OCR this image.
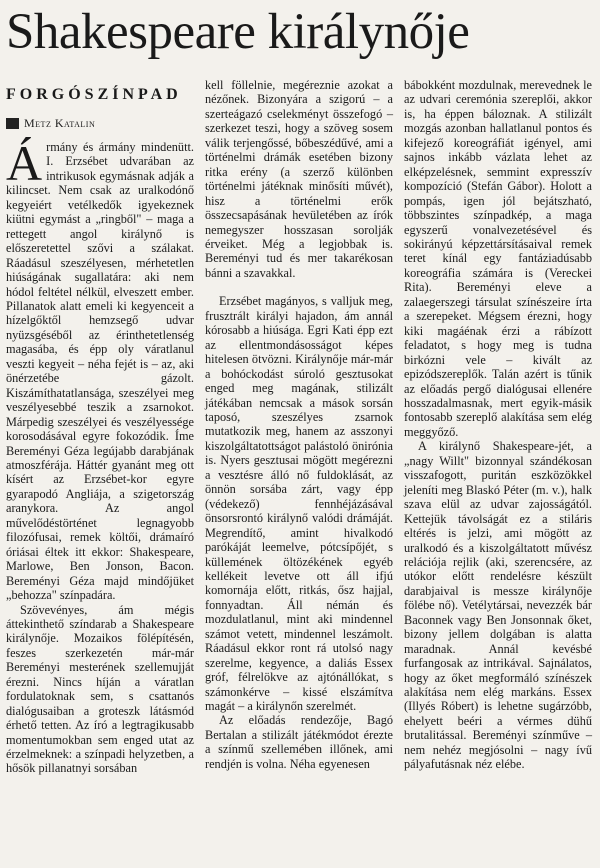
Shakespeare királynője
FORGÓSZÍNPAD
Metz Katalin

Ármány és ármány mindenütt. I. Erzsébet udvarában az intrikusok egymásnak adják a kilincset. Nem csak az uralkodónő kegyeiért vetélkedők igyekeznek kiütni egymást a „ringből" – maga a rettegett angol királynő is előszeretettel szővi a szálakat. Ráadásul szeszélyesen, mérhetetlen hiúságának sugallatára: aki nem hódol feltétel nélkül, elveszett ember. Pillanatok alatt emeli ki kegyenceit a hízelgőktől hemzsegő udvar nyüzsgéséből az érinthetetlenség magasába, és épp oly váratlanul veszti kegyeit – néha fejét is – az, aki önérzetébe gázolt. Kiszámíthatatlansága, szeszélyei meg veszélyesebbé teszik a zsarnokot. Márpedig szeszélyei és veszélyessége korosodásával egyre fokozódik. Íme Bereményi Géza legújabb darabjának atmoszférája. Háttér gyanánt meg ott kísért az Erzsébet-kor egyre gyarapodó Angliája, a szigetország aranykora. Az angol művelődéstörténet legnagyobb filozófusai, remek költői, drámaíró óriásai éltek itt ekkor: Shakespeare, Marlowe, Ben Jonson, Bacon. Bereményi Géza majd mindőjüket „behozza" színpadára.

Szövevényes, ám mégis áttekinthető színdarab a Shakespeare királynője. Mozaikos fölépítésén, feszes szerkezetén már-már Bereményi mesterének szellemujját érezni. Nincs híján a váratlan fordulatoknak sem, s csattanós dialógusaiban a groteszk látásmód érhető tetten. Az író a legtragikusabb momentumokban sem enged utat az érzelmeknek: a színpadi helyzetben, a hősök pillanatnyi sorsában

kell föllelnie, megéreznie azokat a nézőnek. Bizonyára a szigorú – a szerteágazó cselekményt összefogó – szerkezet teszi, hogy a szöveg sosem válik terjengőssé, bőbeszédűvé, ami a történelmi drámák esetében bizony ritka erény (a szerző különben történelmi játéknak minősíti művét), hisz a történelmi erők összecsapásának hevületében az írók nemegyszer hosszasan sorolják érveiket. Még a legjobbak is. Bereményi tud és mer takarékosan bánni a szavakkal.

Erzsébet magányos, s valljuk meg, frusztrált királyi hajadon, ám annál kórosabb a hiúsága. Egri Kati épp ezt az ellentmondásosságot képes hitelesen ötvözni. Királynője már-már a bohóckodást súroló gesztusokat enged meg magának, stilizált játékában nemcsak a mások sorsán taposó, szeszélyes zsarnok mutatkozik meg, hanem az asszonyi kiszolgáltatottságot palástoló önirónia is. Nyers gesztusai mögött megérezni a vesztésre álló nő fuldoklását, az önnön sorsába zárt, vagy épp (védekező) fennhéjázásával önsorsrontó királynő valódi drámáját. Megrendítő, amint hivalkodó parókáját leemelve, pótcsípőjét, s küllemének öltözékének egyéb kellékeit levetve ott áll ifjú komornája előtt, ritkás, ősz hajjal, fonnyadtan. Áll némán és mozdulatlanul, mint aki mindennel számot vetett, mindennel leszámolt. Ráadásul ekkor ront rá utolsó nagy szerelme, kegyence, a daliás Essex gróf, félrelökve az ajtónállókat, s számonkérve – kissé elszámítva magát – a királynőn szerelmét.

Az előadás rendezője, Bagó Bertalan a stilizált játékmódot érezte a színmű szellemében illőnek, ami rendjén is volna. Néha egyenesen

bábokként mozdulnak, merevednek le az udvari ceremónia szereplői, akkor is, ha éppen báloznak. A stilizált mozgás azonban hallatlanul pontos és kifejező koreográfiát igényel, ami sajnos inkább vázlata lehet az elképzelésnek, semmint expresszív kompozíció (Stefán Gábor). Holott a pompás, igen jól bejátszható, többszintes színpadkép, a maga egyszerű vonalvezetésével és sokirányú képzettársításaival remek teret kínál egy fantáziadúsabb koreográfia számára is (Vereckei Rita). Bereményi eleve a zalaegerszegi társulat színészeire írta a szerepeket. Mégsem érezni, hogy kiki magáénak érzi a rábízott feladatot, s hogy meg is tudna birkózni vele – kivált az epizódszereplők. Talán azért is tűnik az előadás pergő dialógusai ellenére hosszadalmasnak, mert egyik-másik fontosabb szereplő alakítása sem elég meggyőző.

A királynő Shakespeare-jét, a „nagy Willt" bizonnyal szándékosan visszafogott, puritán eszközökkel jeleníti meg Blaskó Péter (m. v.), halk szava elül az udvar zajosságától. Kettejük távolságát ez a stiláris eltérés is jelzi, ami mögött az uralkodó és a kiszolgáltatott művész relációja rejlik (aki, szerencsére, az utókor előtt rendelésre készült darabjaival is messze királynője fölébe nő). Vetélytársai, nevezzék bár Baconnek vagy Ben Jonsonnak őket, bizony jellem dolgában is alatta maradnak. Annál kevésbé furfangosak az intrikával. Sajnálatos, hogy az őket megformáló színészek alakítása nem elég markáns. Essex (Illyés Róbert) is lehetne sugárzóbb, ehelyett beéri a vérmes dühű brutalitással. Bereményi színműve – nem nehéz megjósolni – nagy ívű pályafutásnak néz elébe.
